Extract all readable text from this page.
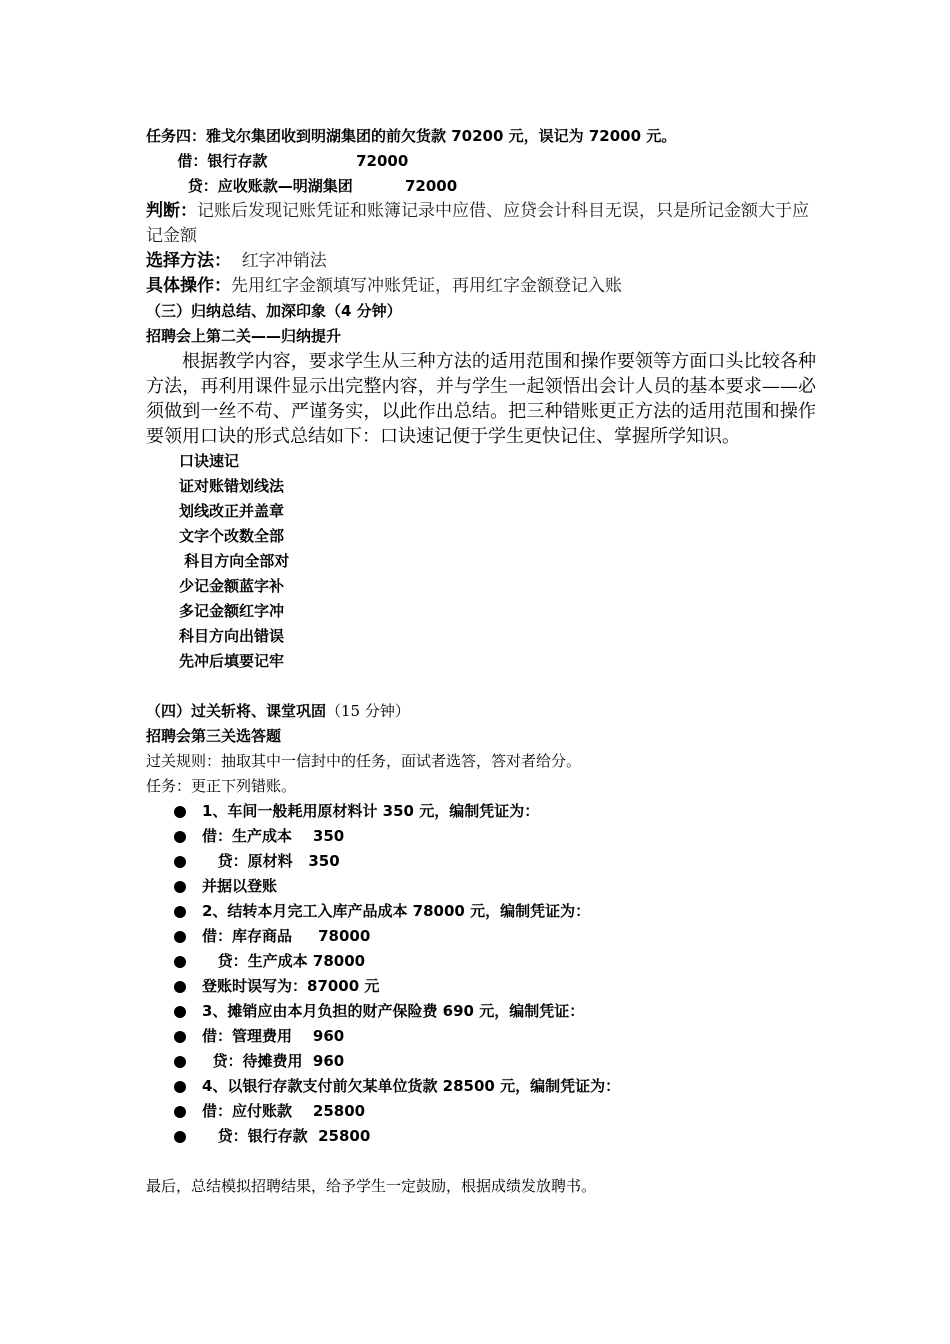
任务四：雅戈尔集团收到明湖集团的前欠货款 70200 元，误记为 72000 元。
借：银行存款                 72000
贷：应收账款—明湖集团          72000
判断：记账后发现记账凭证和账簿记录中应借、应贷会计科目无误，只是所记金额大于应记金额
选择方法：  红字冲销法
具体操作：先用红字金额填写冲账凭证，再用红字金额登记入账
（三）归纳总结、加深印象（4 分钟）
招聘会上第二关——归纳提升
根据教学内容，要求学生从三种方法的适用范围和操作要领等方面口头比较各种方法，再利用课件显示出完整内容，并与学生一起领悟出会计人员的基本要求——必须做到一丝不苟、严谨务实，以此作出总结。把三种错账更正方法的适用范围和操作要领用口诀的形式总结如下：口诀速记便于学生更快记住、掌握所学知识。
口诀速记
证对账错划线法
划线改正并盖章
文字个改数全部
科目方向全部对
少记金额蓝字补
多记金额红字冲
科目方向出错误
先冲后填要记牢
（四）过关斩将、课堂巩固（15 分钟）
招聘会第三关选答题
过关规则：抽取其中一信封中的任务，面试者选答，答对者给分。
任务：更正下列错账。
1、车间一般耗用原材料计 350 元，编制凭证为：
借：生产成本    350
贷：原材料   350
并据以登账
2、结转本月完工入库产品成本 78000 元，编制凭证为：
借：库存商品     78000
贷：生产成本 78000
登账时误写为：87000 元
3、摊销应由本月负担的财产保险费 690 元，编制凭证：
借：管理费用    960
贷：待摊费用  960
4、以银行存款支付前欠某单位货款 28500 元，编制凭证为：
借：应付账款    25800
贷：银行存款  25800
最后，总结模拟招聘结果，给予学生一定鼓励，根据成绩发放聘书。
